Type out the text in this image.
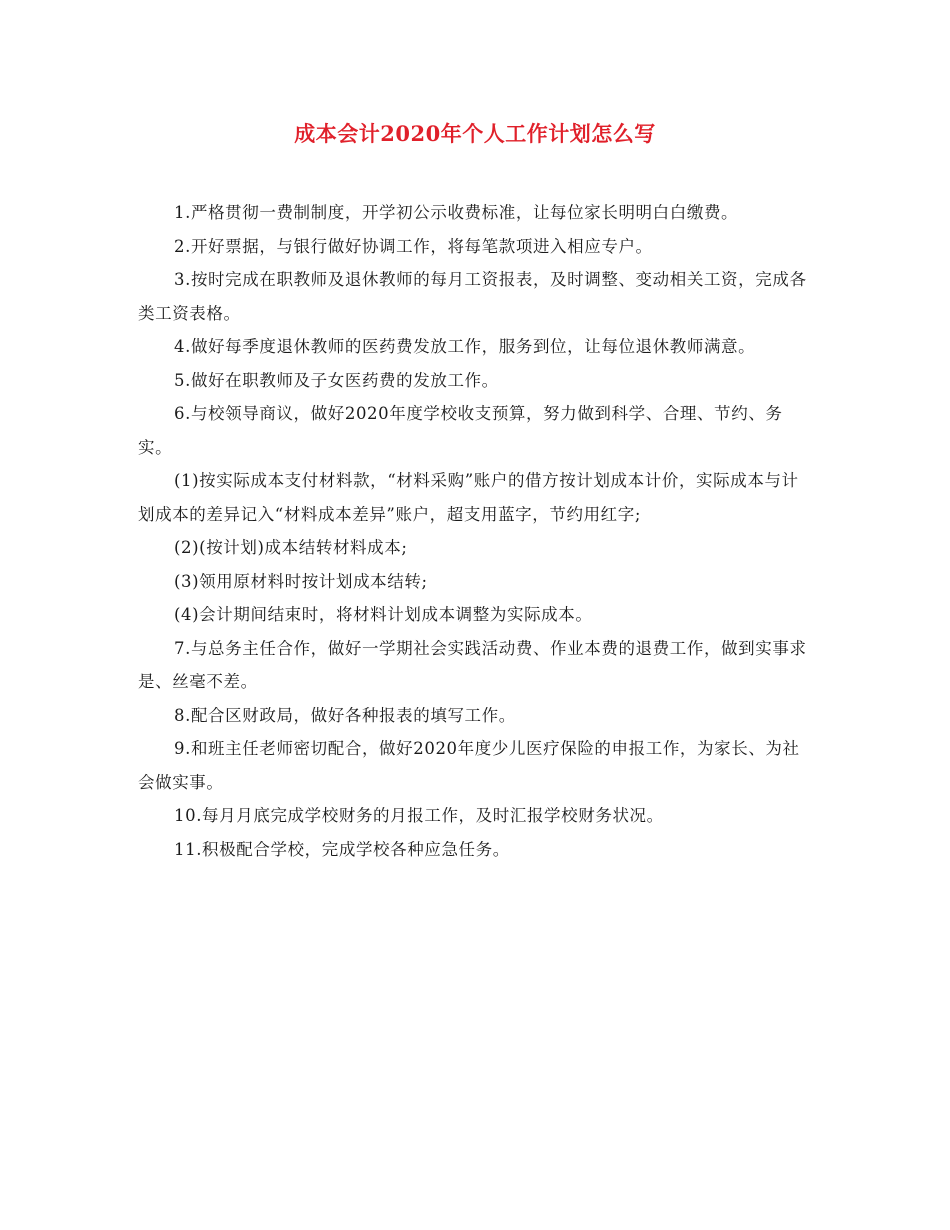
成本会计2020年个人工作计划怎么写

1.严格贯彻一费制制度，开学初公示收费标准，让每位家长明明白白缴费。

2.开好票据，与银行做好协调工作，将每笔款项进入相应专户。

3.按时完成在职教师及退休教师的每月工资报表，及时调整、变动相关工资，完成各类工资表格。

4.做好每季度退休教师的医药费发放工作，服务到位，让每位退休教师满意。

5.做好在职教师及子女医药费的发放工作。

6.与校领导商议，做好2020年度学校收支预算，努力做到科学、合理、节约、务实。

(1)按实际成本支付材料款，“材料采购”账户的借方按计划成本计价，实际成本与计划成本的差异记入“材料成本差异”账户，超支用蓝字，节约用红字;

(2)(按计划)成本结转材料成本;

(3)领用原材料时按计划成本结转;

(4)会计期间结束时，将材料计划成本调整为实际成本。

7.与总务主任合作，做好一学期社会实践活动费、作业本费的退费工作，做到实事求是、丝毫不差。

8.配合区财政局，做好各种报表的填写工作。

9.和班主任老师密切配合，做好2020年度少儿医疗保险的申报工作，为家长、为社会做实事。

10.每月月底完成学校财务的月报工作，及时汇报学校财务状况。

11.积极配合学校，完成学校各种应急任务。
